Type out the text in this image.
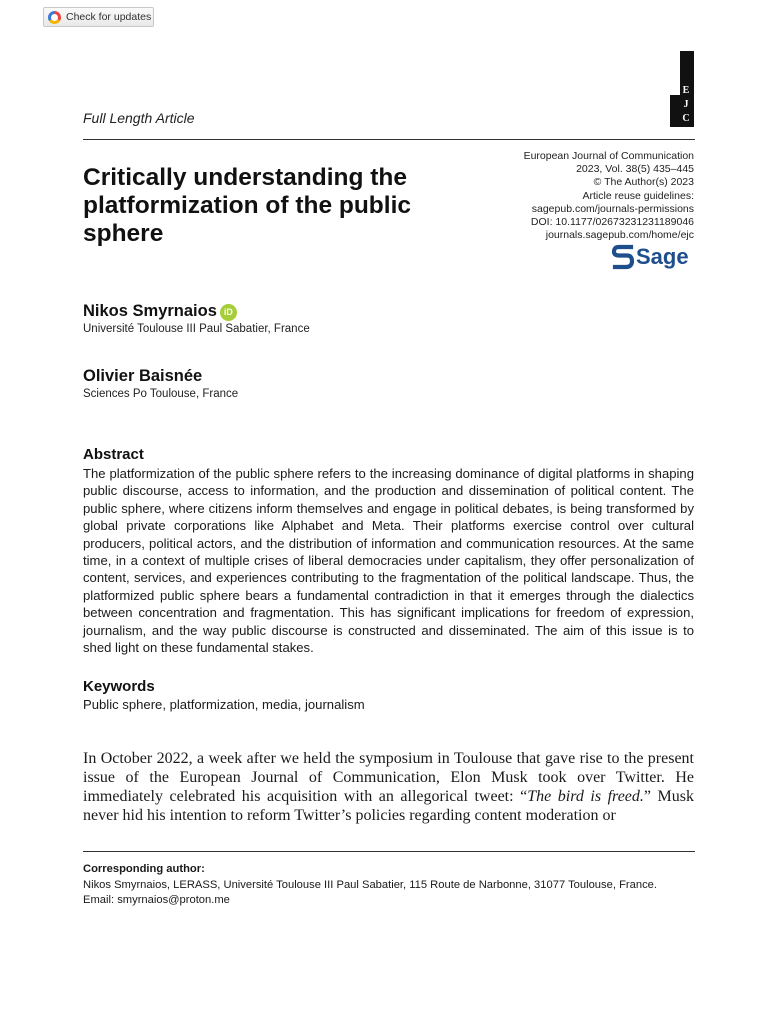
Check for updates
E
J
C
Full Length Article
Critically understanding the platformization of the public sphere
European Journal of Communication
2023, Vol. 38(5) 435–445
© The Author(s) 2023
Article reuse guidelines:
sagepub.com/journals-permissions
DOI: 10.1177/02673231231189046
journals.sagepub.com/home/ejc
Sage
Nikos Smyrnaios iD
Université Toulouse III Paul Sabatier, France
Olivier Baisnée
Sciences Po Toulouse, France
Abstract
The platformization of the public sphere refers to the increasing dominance of digital platforms in shaping public discourse, access to information, and the production and dissemination of political content. The public sphere, where citizens inform themselves and engage in political debates, is being transformed by global private corporations like Alphabet and Meta. Their platforms exercise control over cultural producers, political actors, and the distribution of information and communication resources. At the same time, in a context of multiple crises of liberal democracies under capitalism, they offer personalization of content, services, and experiences contributing to the fragmentation of the political landscape. Thus, the platformized public sphere bears a fundamental contradiction in that it emerges through the dialectics between concentration and fragmentation. This has significant implications for freedom of expression, journalism, and the way public discourse is constructed and disseminated. The aim of this issue is to shed light on these fundamental stakes.
Keywords
Public sphere, platformization, media, journalism

In October 2022, a week after we held the symposium in Toulouse that gave rise to the present issue of the European Journal of Communication, Elon Musk took over Twitter. He immediately celebrated his acquisition with an allegorical tweet: “The bird is freed.” Musk never hid his intention to reform Twitter’s policies regarding content moderation or

Corresponding author:
Nikos Smyrnaios, LERASS, Université Toulouse III Paul Sabatier, 115 Route de Narbonne, 31077 Toulouse, France.
Email: smyrnaios@proton.me
